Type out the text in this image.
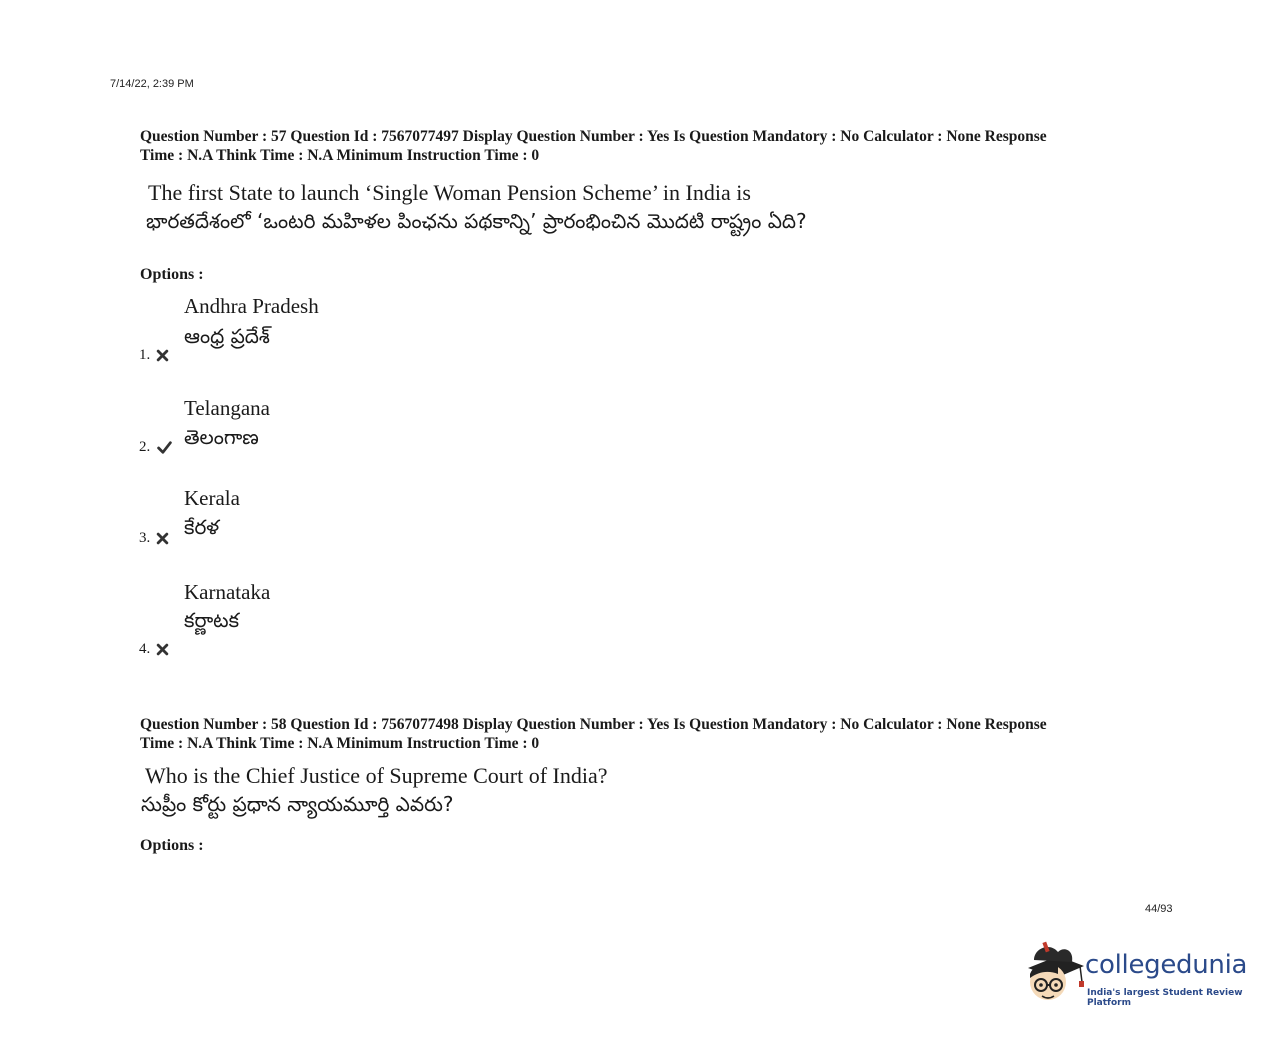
7/14/22, 2:39 PM
Question Number : 57 Question Id : 7567077497 Display Question Number : Yes Is Question Mandatory : No Calculator : None Response
Time : N.A Think Time : N.A Minimum Instruction Time : 0
The first State to launch ‘Single Woman Pension Scheme’ in India is
భారతదేశంలో ‘ఒంటరి మహిళల పింఛను పథకాన్ని’ ప్రారంభించిన మొదటి రాష్ట్రం ఏది?
Options :
Andhra Pradesh
ఆంధ్ర ప్రదేశ్
1.
Telangana
తెలంగాణ
2.
Kerala
కేరళ
3.
Karnataka
కర్ణాటక
4.
Question Number : 58 Question Id : 7567077498 Display Question Number : Yes Is Question Mandatory : No Calculator : None Response
Time : N.A Think Time : N.A Minimum Instruction Time : 0
Who is the Chief Justice of Supreme Court of India?
సుప్రీం కోర్టు ప్రధాన న్యాయమూర్తి ఎవరు?
Options :
44/93
collegedunia
India's largest Student Review Platform
